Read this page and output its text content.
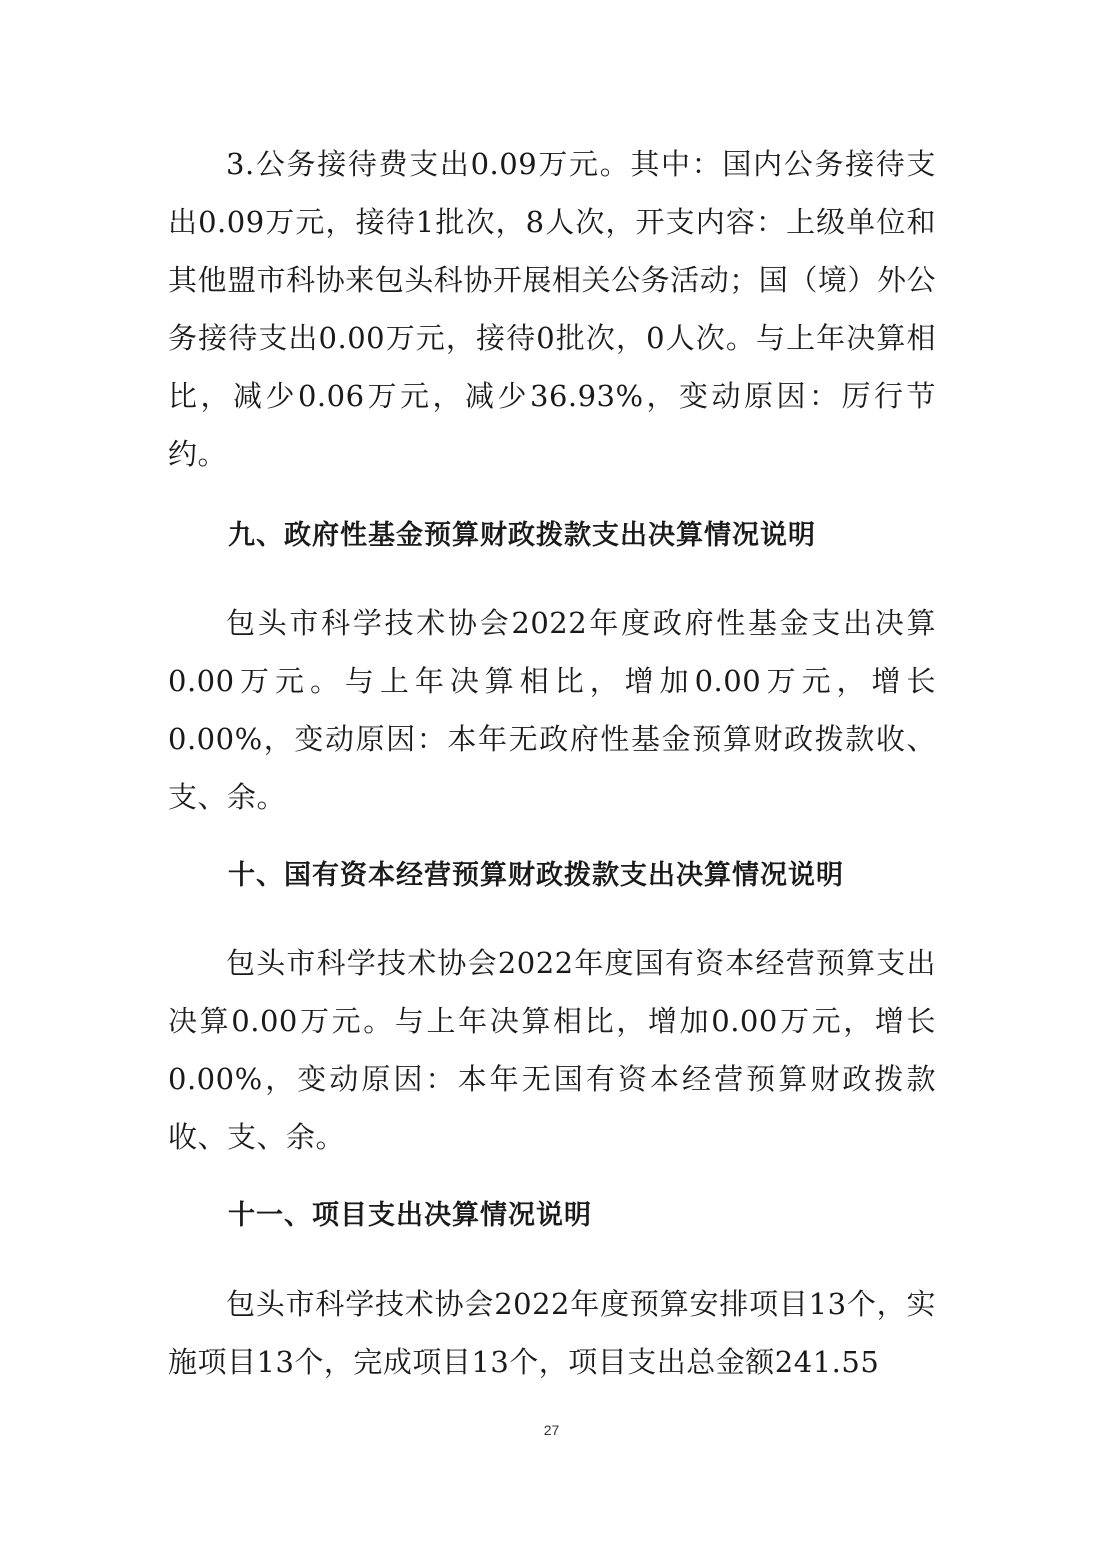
3.公务接待费支出0.09万元。其中：国内公务接待支出0.09万元，接待1批次，8人次，开支内容：上级单位和其他盟市科协来包头科协开展相关公务活动；国（境）外公务接待支出0.00万元，接待0批次，0人次。与上年决算相比，减少0.06万元，减少36.93%，变动原因：厉行节约。

九、政府性基金预算财政拨款支出决算情况说明

包头市科学技术协会2022年度政府性基金支出决算0.00万元。与上年决算相比，增加0.00万元，增长0.00%，变动原因：本年无政府性基金预算财政拨款收、支、余。

十、国有资本经营预算财政拨款支出决算情况说明

包头市科学技术协会2022年度国有资本经营预算支出决算0.00万元。与上年决算相比，增加0.00万元，增长0.00%，变动原因：本年无国有资本经营预算财政拨款收、支、余。

十一、项目支出决算情况说明

包头市科学技术协会2022年度预算安排项目13个，实施项目13个，完成项目13个，项目支出总金额241.55

27
